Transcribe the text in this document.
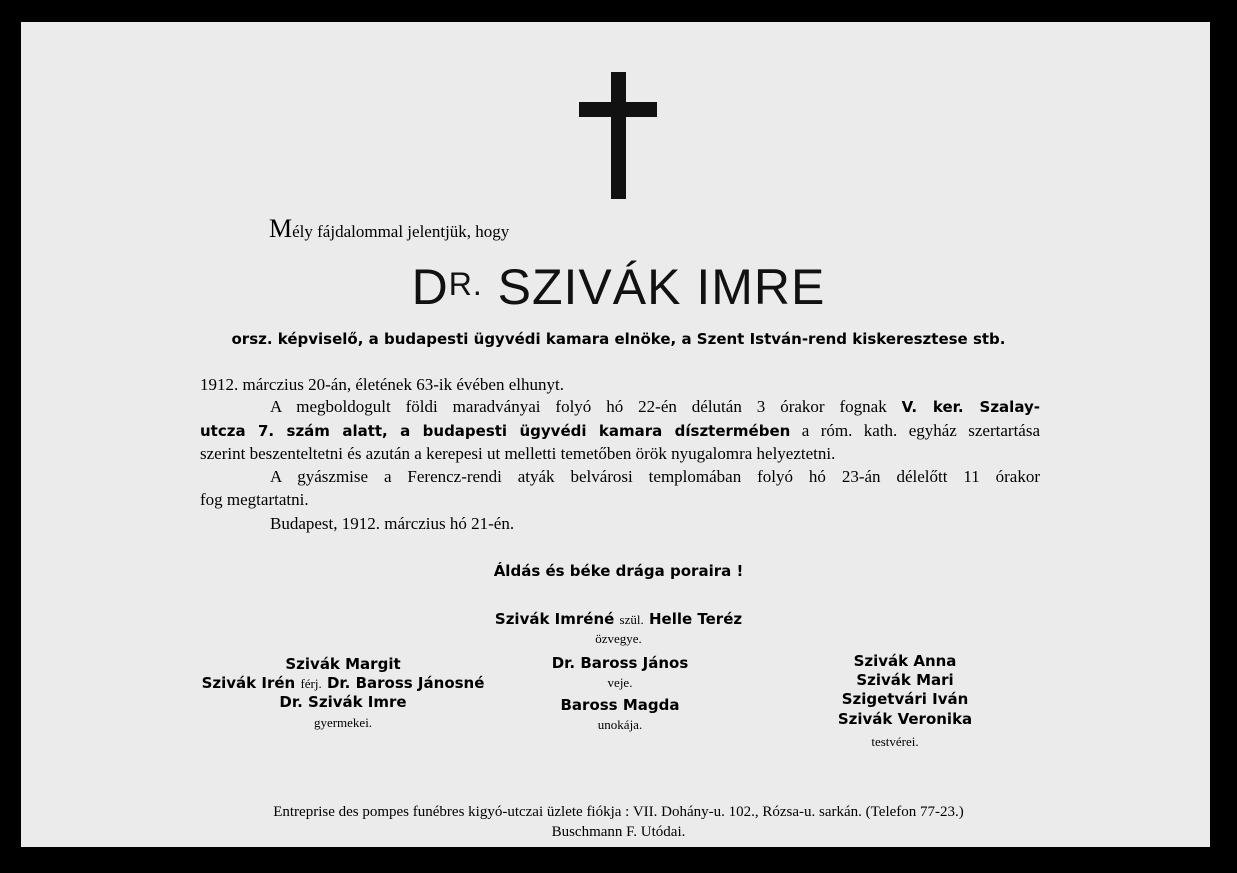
Mély fájdalommal jelentjük, hogy
$D^{R.}$ SZIVÁK IMRE
orsz. képviselő, a budapesti ügyvédi kamara elnöke, a Szent István-rend kiskeresztese stb.
1912. márczius 20-án, életének 63-ik évében elhunyt.
A megboldogult földi maradványai folyó hó 22-én délután 3 órakor fognak V. ker. Szalay-
utcza 7. szám alatt, a budapesti ügyvédi kamara dísztermében a róm. kath. egyház szertartása
szerint beszenteltetni és azután a kerepesi ut melletti temetőben örök nyugalomra helyeztetni.
A gyászmise a Ferencz-rendi atyák belvárosi templomában folyó hó 23-án délelőtt 11 órakor
fog megtartatni.
Budapest, 1912. márczius hó 21-én.
Áldás és béke drága poraira !
Szivák Imréné szül. Helle Teréz
özvegye.
Szivák Margit
Szivák Irén férj. Dr. Baross Jánosné
Dr. Szivák Imre
gyermekei.
Dr. Baross János
veje.
Baross Magda
unokája.
Szivák Anna
Szivák Mari
Szigetvári Iván
Szivák Veronika
testvérei.
Entreprise des pompes funébres kigyó-utczai üzlete fiókja : VII. Dohány-u. 102., Rózsa-u. sarkán. (Telefon 77-23.)
Buschmann F. Utódai.
